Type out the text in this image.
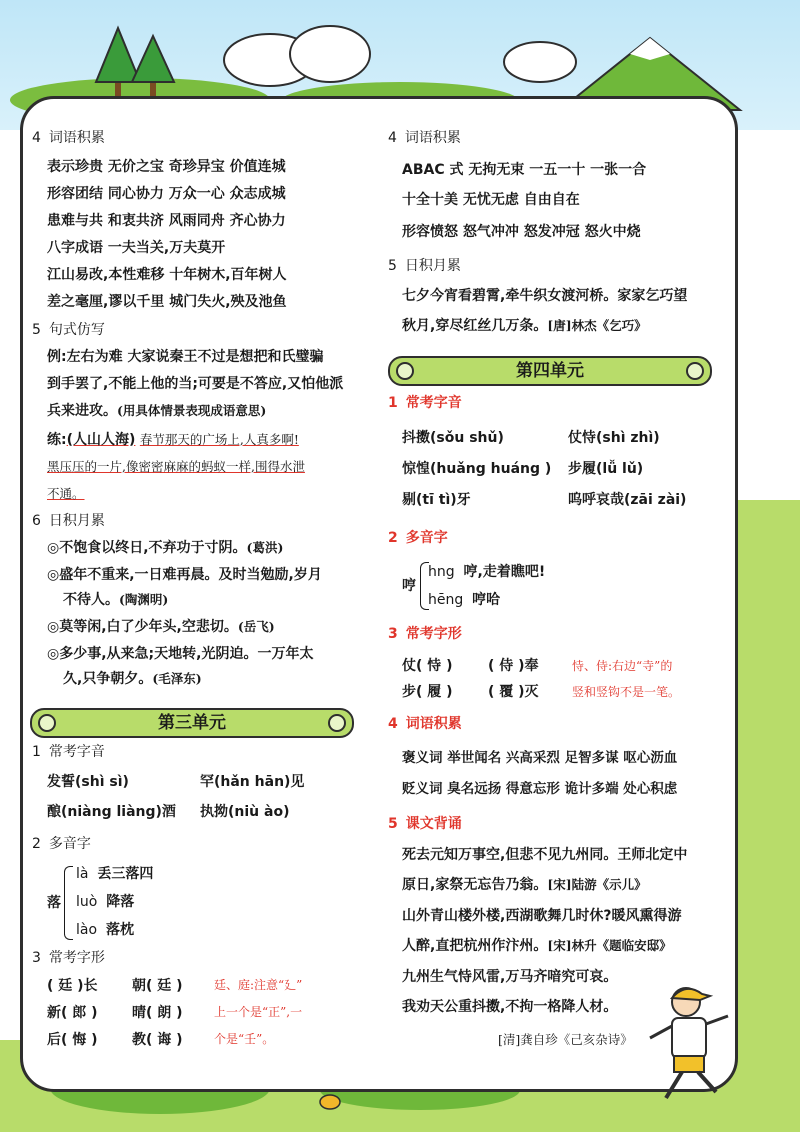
4 词语积累
表示珍贵 无价之宝 奇珍异宝 价值连城
形容团结 同心协力 万众一心 众志成城
患难与共 和衷共济 风雨同舟 齐心协力
八字成语 一夫当关,万夫莫开
江山易改,本性难移 十年树木,百年树人
差之毫厘,谬以千里 城门失火,殃及池鱼
5 句式仿写
例:左右为难 大家说秦王不过是想把和氏璧骗
到手罢了,不能上他的当;可要是不答应,又怕他派
兵来进攻。(用具体情景表现成语意思)
练:(人山人海) 春节那天的广场上,人真多啊!
黑压压的一片,像密密麻麻的蚂蚁一样,围得水泄
不通。
6 日积月累
◎不饱食以终日,不弃功于寸阴。(葛洪)
◎盛年不重来,一日难再晨。及时当勉励,岁月
不待人。(陶渊明)
◎莫等闲,白了少年头,空悲切。(岳飞)
◎多少事,从来急;天地转,光阴迫。一万年太
久,只争朝夕。(毛泽东)
第三单元
1 常考字音
发誓(shì sì)	罕(hǎn hān)见
酿(niàng liàng)酒 执拗(niù ào)
2 多音字
落
là 丢三落四
luò 降落
lào 落枕
3 常考字形
( 廷 )长 朝( 廷 )
新( 郎 ) 晴( 朗 )
后( 悔 ) 教( 诲 )
廷、庭:注意“廴”
上一个是“正”,一
个是“壬”。
4 词语积累
ABAC 式 无拘无束 一五一十 一张一合
十全十美 无忧无虑 自由自在
形容愤怒 怒气冲冲 怒发冲冠 怒火中烧
5 日积月累
七夕今宵看碧霄,牵牛织女渡河桥。家家乞巧望
秋月,穿尽红丝几万条。[唐]林杰《乞巧》
第四单元
1 常考字音
抖擞(sǒu shǔ)	仗恃(shì zhì)
惊惶(huǎng huáng ) 步履(lǚ lǔ)
剔(tī tì)牙	呜呼哀哉(zāi zài)
2 多音字
哼
hng 哼,走着瞧吧!
hēng 哼哈
3 常考字形
仗( 恃 )	( 侍 )奉
步( 履 )	( 覆 )灭
恃、侍:右边“寺”的
竖和竖钩不是一笔。
4 词语积累
褒义词 举世闻名 兴高采烈 足智多谋 呕心沥血
贬义词 臭名远扬 得意忘形 诡计多端 处心积虑
5 课文背诵
死去元知万事空,但悲不见九州同。王师北定中
原日,家祭无忘告乃翁。[宋]陆游《示儿》
山外青山楼外楼,西湖歌舞几时休?暖风熏得游
人醉,直把杭州作汴州。[宋]林升《题临安邸》
九州生气恃风雷,万马齐喑究可哀。
我劝天公重抖擞,不拘一格降人材。
[清]龚自珍《己亥杂诗》
